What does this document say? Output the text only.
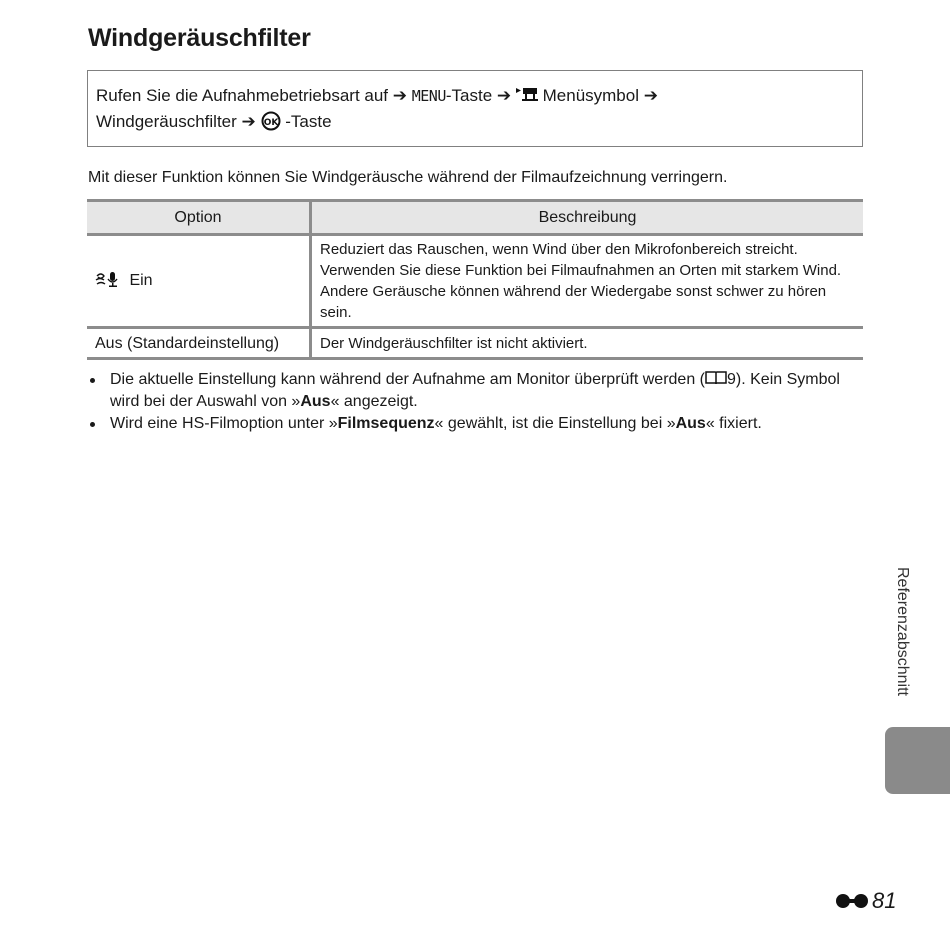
Windgeräuschfilter
Rufen Sie die Aufnahmebetriebsart auf ➔ MENU-Taste ➔ Menüsymbol ➔
Windgeräuschfilter ➔ OK -Taste
Mit dieser Funktion können Sie Windgeräusche während der Filmaufzeichnung verringern.
Option	Beschreibung
Ein	Reduziert das Rauschen, wenn Wind über den Mikrofonbereich streicht. Verwenden Sie diese Funktion bei Filmaufnahmen an Orten mit starkem Wind. Andere Geräusche können während der Wiedergabe sonst schwer zu hören sein.
Aus (Standardeinstellung)	Der Windgeräuschfilter ist nicht aktiviert.
Die aktuelle Einstellung kann während der Aufnahme am Monitor überprüft werden ( 9). Kein Symbol wird bei der Auswahl von »Aus« angezeigt.
Wird eine HS-Filmoption unter »Filmsequenz« gewählt, ist die Einstellung bei »Aus« fixiert.
Referenzabschnitt
81
